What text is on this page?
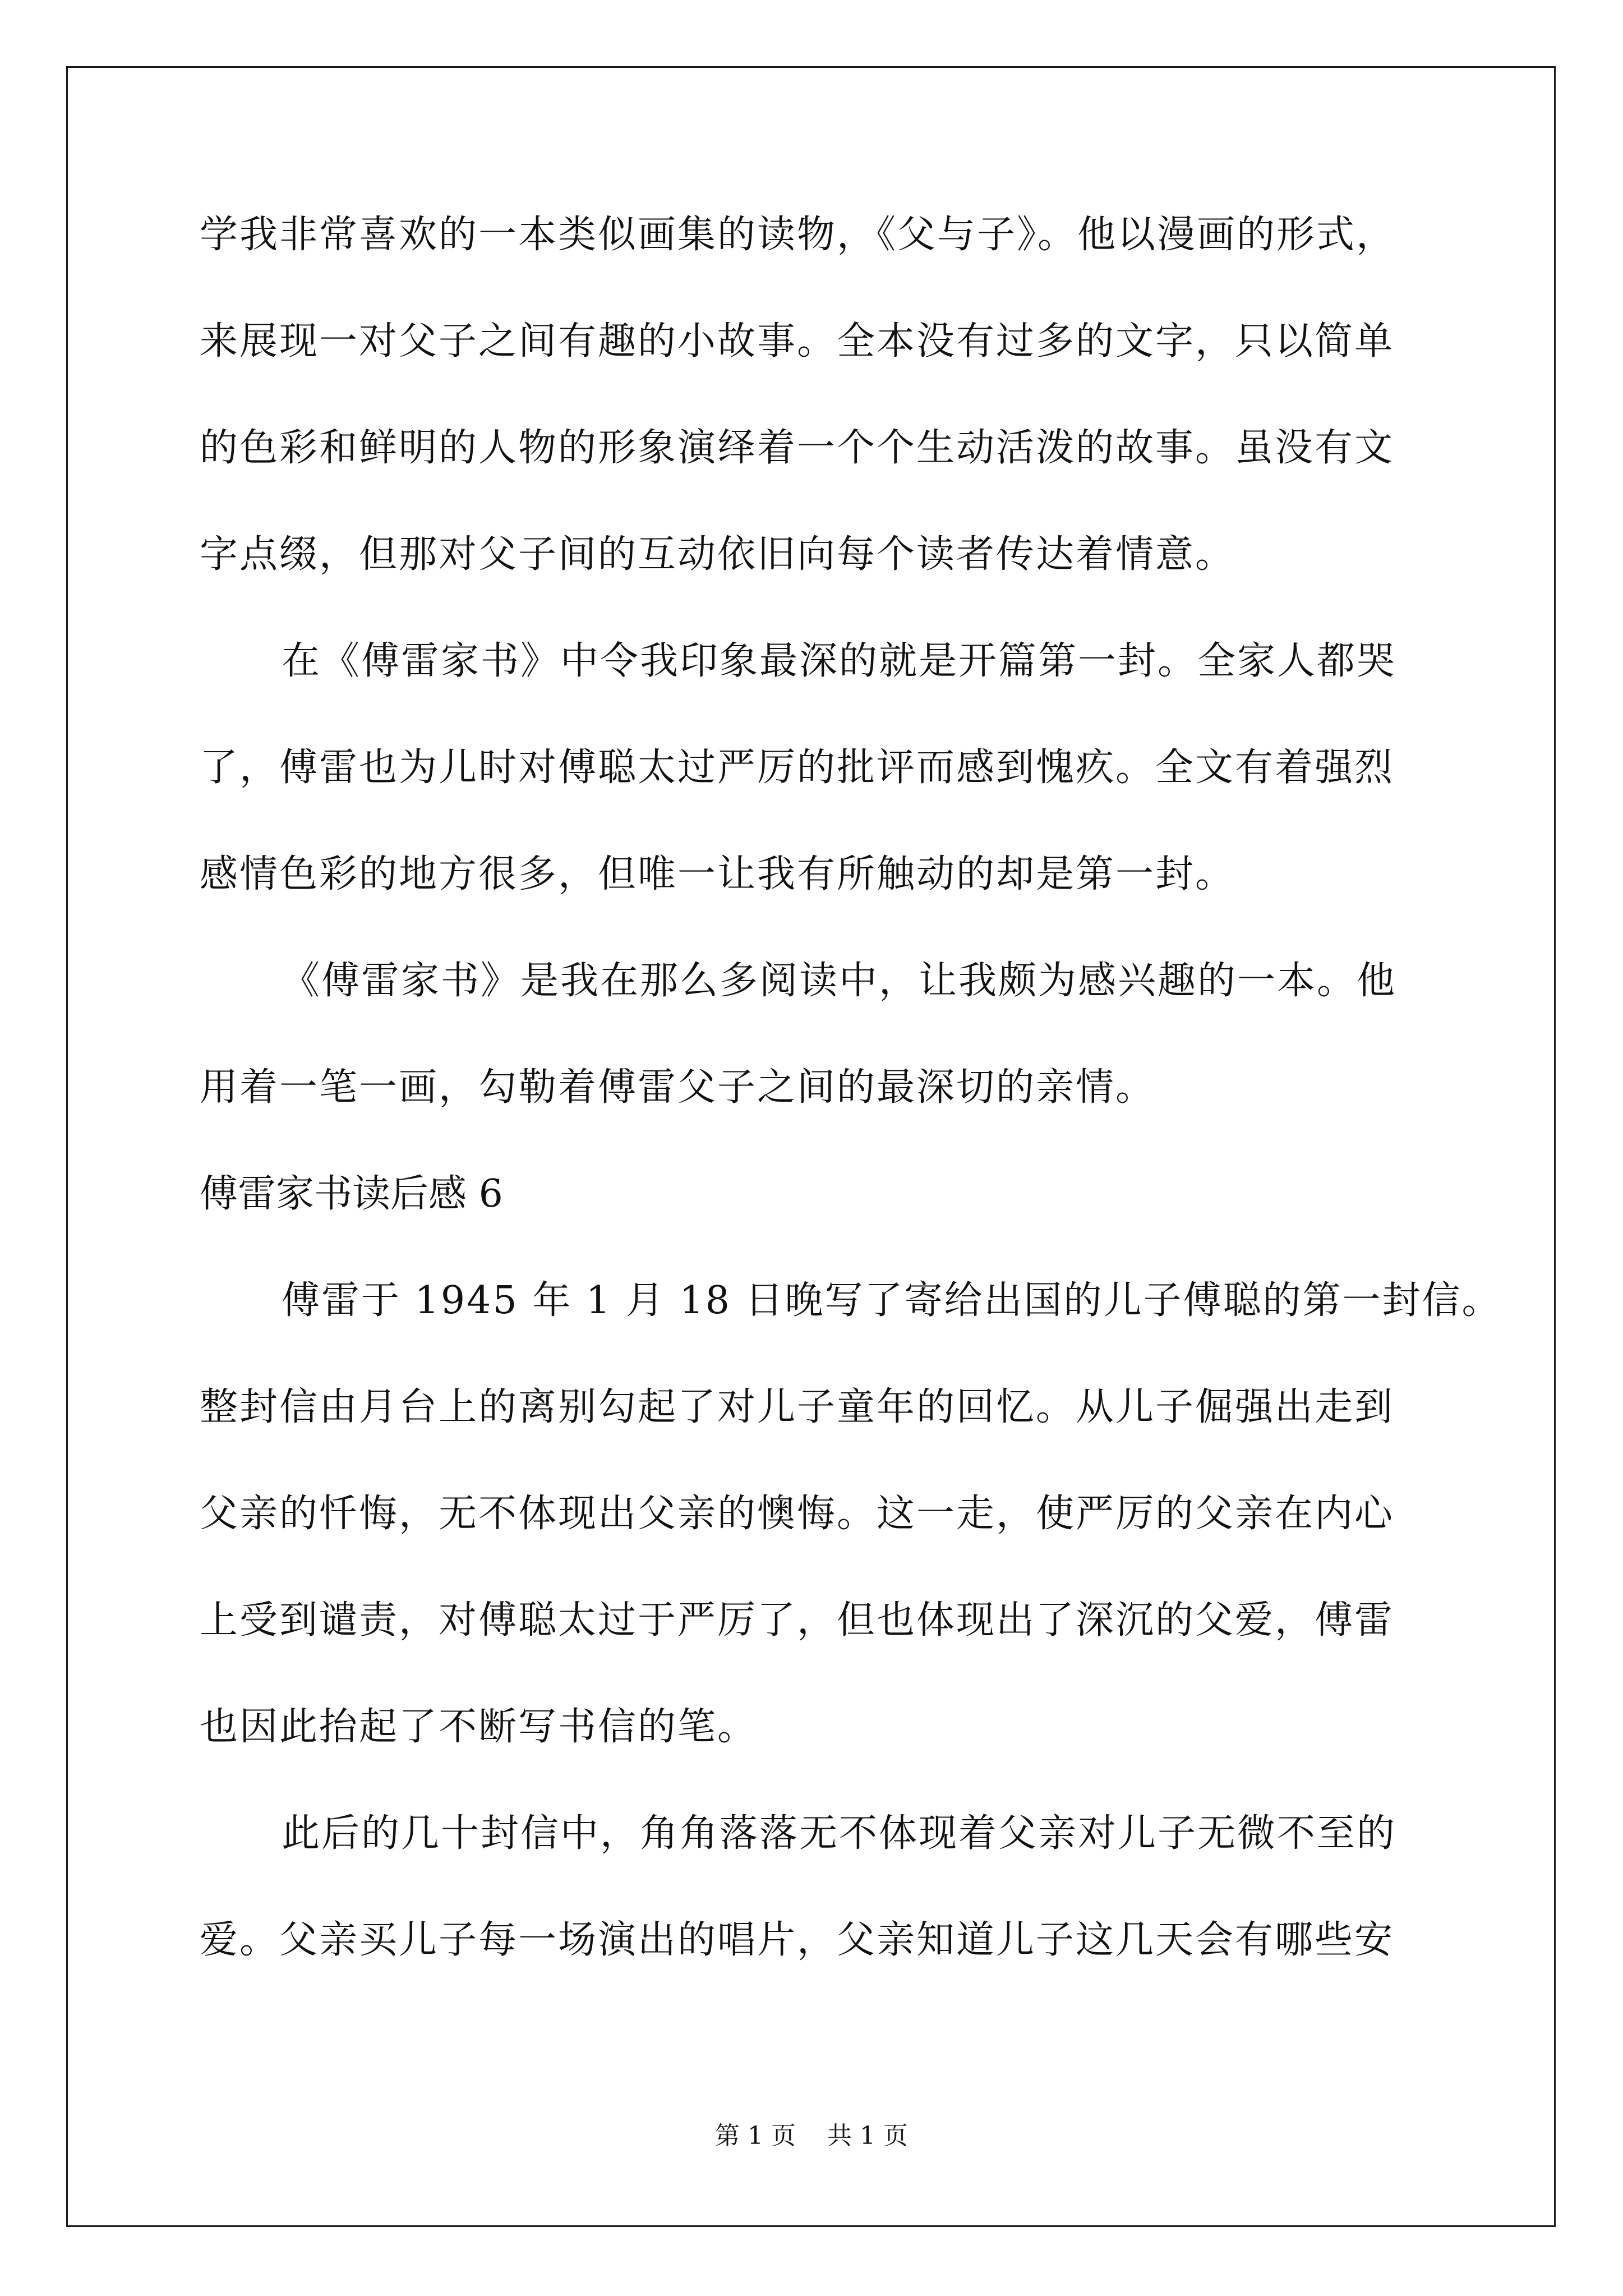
学我非常喜欢的一本类似画集的读物，《父与子》。他以漫画的形式，
来展现一对父子之间有趣的小故事。全本没有过多的文字，只以简单
的色彩和鲜明的人物的形象演绎着一个个生动活泼的故事。虽没有文
字点缀，但那对父子间的互动依旧向每个读者传达着情意。
在《傅雷家书》中令我印象最深的就是开篇第一封。全家人都哭
了，傅雷也为儿时对傅聪太过严厉的批评而感到愧疚。全文有着强烈
感情色彩的地方很多，但唯一让我有所触动的却是第一封。
《傅雷家书》是我在那么多阅读中，让我颇为感兴趣的一本。他
用着一笔一画，勾勒着傅雷父子之间的最深切的亲情。
傅雷家书读后感 6
傅雷于 1945 年 1 月 18 日晚写了寄给出国的儿子傅聪的第一封信。
整封信由月台上的离别勾起了对儿子童年的回忆。从儿子倔强出走到
父亲的忏悔，无不体现出父亲的懊悔。这一走，使严厉的父亲在内心
上受到谴责，对傅聪太过于严厉了，但也体现出了深沉的父爱，傅雷
也因此抬起了不断写书信的笔。
此后的几十封信中，角角落落无不体现着父亲对儿子无微不至的
爱。父亲买儿子每一场演出的唱片，父亲知道儿子这几天会有哪些安
第 1 页    共 1 页
